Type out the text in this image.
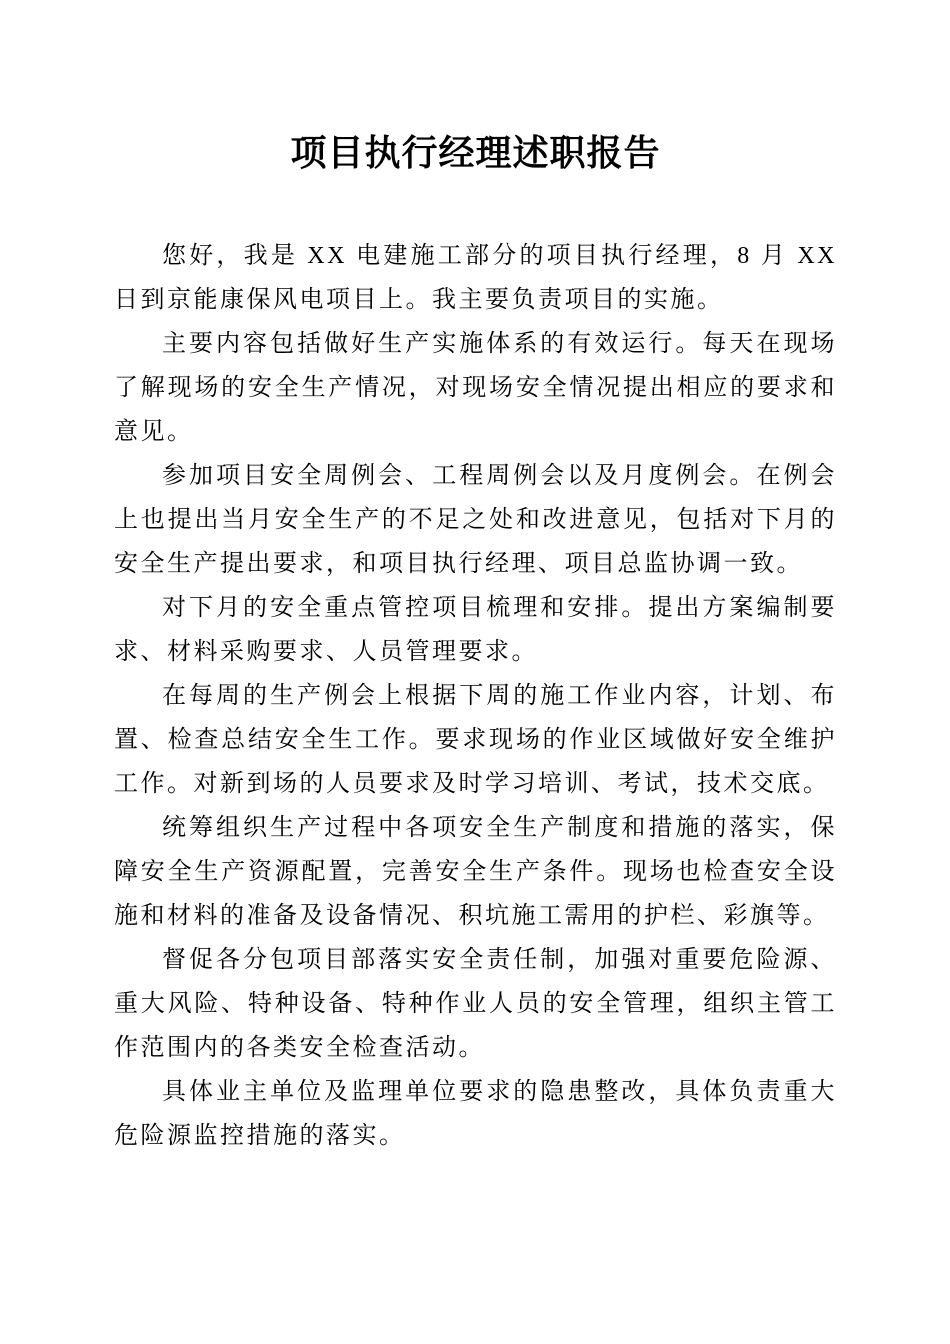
项目执行经理述职报告

您好，我是 XX 电建施工部分的项目执行经理，8 月 XX 日到京能康保风电项目上。我主要负责项目的实施。

主要内容包括做好生产实施体系的有效运行。每天在现场了解现场的安全生产情况，对现场安全情况提出相应的要求和意见。

参加项目安全周例会、工程周例会以及月度例会。在例会上也提出当月安全生产的不足之处和改进意见，包括对下月的安全生产提出要求，和项目执行经理、项目总监协调一致。

对下月的安全重点管控项目梳理和安排。提出方案编制要求、材料采购要求、人员管理要求。

在每周的生产例会上根据下周的施工作业内容，计划、布置、检查总结安全生工作。要求现场的作业区域做好安全维护工作。对新到场的人员要求及时学习培训、考试，技术交底。

统筹组织生产过程中各项安全生产制度和措施的落实，保障安全生产资源配置，完善安全生产条件。现场也检查安全设施和材料的准备及设备情况、积坑施工需用的护栏、彩旗等。

督促各分包项目部落实安全责任制，加强对重要危险源、重大风险、特种设备、特种作业人员的安全管理，组织主管工作范围内的各类安全检查活动。

具体业主单位及监理单位要求的隐患整改，具体负责重大危险源监控措施的落实。
